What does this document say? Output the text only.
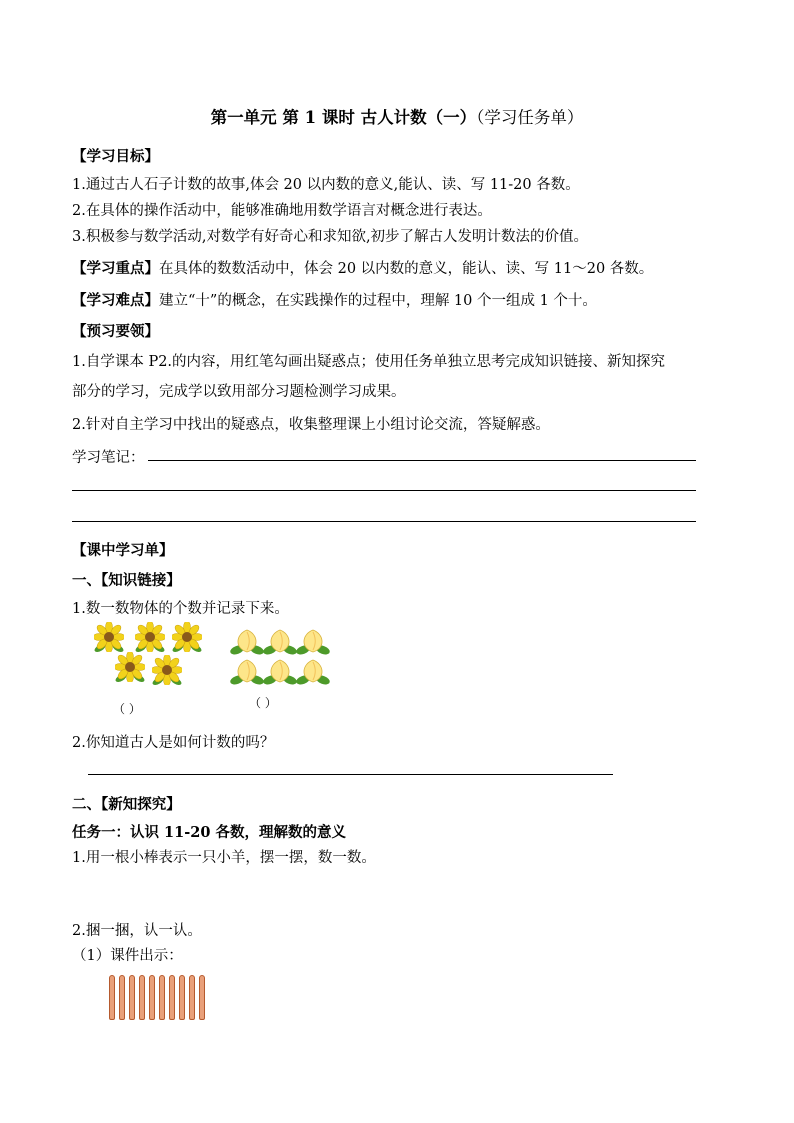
第一单元 第 1 课时 古人计数（一）（学习任务单）
【学习目标】
1.通过古人石子计数的故事,体会 20 以内数的意义,能认、读、写 11-20 各数。
2.在具体的操作活动中，能够准确地用数学语言对概念进行表达。
3.积极参与数学活动,对数学有好奇心和求知欲,初步了解古人发明计数法的价值。
【学习重点】在具体的数数活动中，体会 20 以内数的意义，能认、读、写 11～20 各数。
【学习难点】建立“十”的概念，在实践操作的过程中，理解 10 个一组成 1 个十。
【预习要领】
1.自学课本 P2.的内容，用红笔勾画出疑惑点；使用任务单独立思考完成知识链接、新知探究
部分的学习，完成学以致用部分习题检测学习成果。
2.针对自主学习中找出的疑惑点，收集整理课上小组讨论交流，答疑解惑。
学习笔记：
【课中学习单】
一、【知识链接】
1.数一数物体的个数并记录下来。
（ ）	（ ）
2.你知道古人是如何计数的吗？
二、【新知探究】
任务一：认识 11-20 各数，理解数的意义
1.用一根小棒表示一只小羊，摆一摆，数一数。
2.捆一捆，认一认。
（1）课件出示：
